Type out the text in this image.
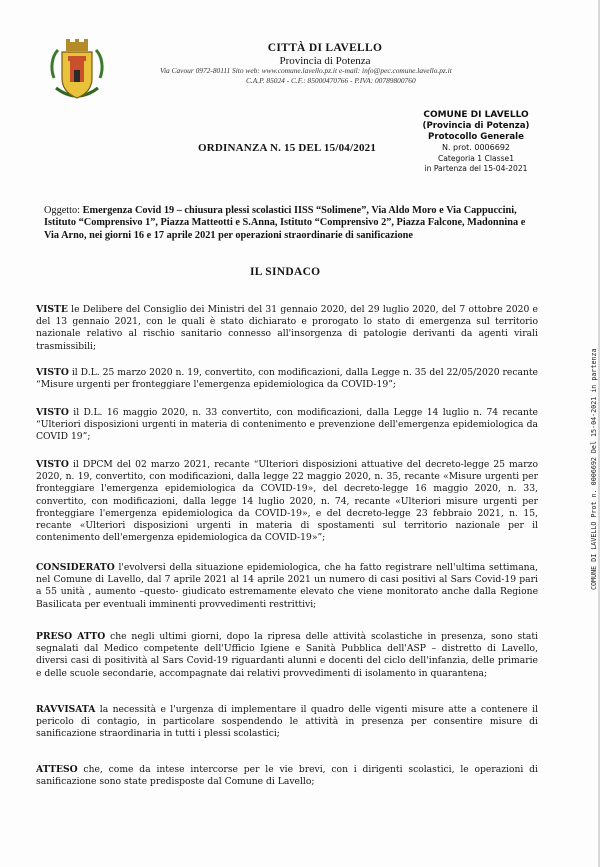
CITTÀ DI LAVELLO
Provincia di Potenza
Via Cavour 0972-80111 Sito web: www.comune.lavello.pz.it e-mail: info@pec.comune.lavello.pz.it
C.A.P. 85024 - C.F.: 85000470766 - P.IVA: 00789800760
COMUNE DI LAVELLO
(Provincia di Potenza)
Protocollo Generale
N. prot. 0006692
Categoria 1 Classe1
in Partenza del 15-04-2021
ORDINANZA N. 15 DEL 15/04/2021
Oggetto: Emergenza Covid 19 – chiusura plessi scolastici IISS “Solimene”, Via Aldo Moro e Via Cappuccini, Istituto “Comprensivo 1”, Piazza Matteotti e S.Anna, Istituto “Comprensivo 2”, Piazza Falcone, Madonnina e Via Arno, nei giorni 16 e 17 aprile 2021 per operazioni straordinarie di sanificazione
IL SINDACO

VISTE le Delibere del Consiglio dei Ministri del 31 gennaio 2020, del 29 luglio 2020, del 7 ottobre 2020 e del 13 gennaio 2021, con le quali è stato dichiarato e prorogato lo stato di emergenza sul territorio nazionale relativo al rischio sanitario connesso all'insorgenza di patologie derivanti da agenti virali trasmissibili;

VISTO il D.L. 25 marzo 2020 n. 19, convertito, con modificazioni, dalla Legge n. 35 del 22/05/2020 recante “Misure urgenti per fronteggiare l'emergenza epidemiologica da COVID-19”;

VISTO il D.L. 16 maggio 2020, n. 33 convertito, con modificazioni, dalla Legge 14 luglio n. 74 recante “Ulteriori disposizioni urgenti in materia di contenimento e prevenzione dell'emergenza epidemiologica da COVID 19”;

VISTO il DPCM del 02 marzo 2021, recante “Ulteriori disposizioni attuative del decreto-legge 25 marzo 2020, n. 19, convertito, con modificazioni, dalla legge 22 maggio 2020, n. 35, recante «Misure urgenti per fronteggiare l'emergenza epidemiologica da COVID-19», del decreto-legge 16 maggio 2020, n. 33, convertito, con modificazioni, dalla legge 14 luglio 2020, n. 74, recante «Ulteriori misure urgenti per fronteggiare l'emergenza epidemiologica da COVID-19», e del decreto-legge 23 febbraio 2021, n. 15, recante «Ulteriori disposizioni urgenti in materia di spostamenti sul territorio nazionale per il contenimento dell'emergenza epidemiologica da COVID-19»”;

CONSIDERATO l'evolversi della situazione epidemiologica, che ha fatto registrare nell'ultima settimana, nel Comune di Lavello, dal 7 aprile 2021 al 14 aprile 2021 un numero di casi positivi al Sars Covid-19 pari a 55 unità , aumento –questo- giudicato estremamente elevato che viene monitorato anche dalla Regione Basilicata per eventuali imminenti provvedimenti restrittivi;

PRESO ATTO che negli ultimi giorni, dopo la ripresa delle attività scolastiche in presenza, sono stati segnalati dal Medico competente dell'Ufficio Igiene e Sanità Pubblica dell'ASP – distretto di Lavello, diversi casi di positività al Sars Covid-19 riguardanti alunni e docenti del ciclo dell'infanzia, delle primarie e delle scuole secondarie, accompagnate dai relativi provvedimenti di isolamento in quarantena;

RAVVISATA la necessità e l'urgenza di implementare il quadro delle vigenti misure atte a contenere il pericolo di contagio, in particolare sospendendo le attività in presenza per consentire misure di sanificazione straordinaria in tutti i plessi scolastici;

ATTESO che, come da intese intercorse per le vie brevi, con i dirigenti scolastici, le operazioni di sanificazione sono state predisposte dal Comune di Lavello;

COMUNE DI LAVELLO Prot n. 0006692 Del 15-04-2021 in partenza
